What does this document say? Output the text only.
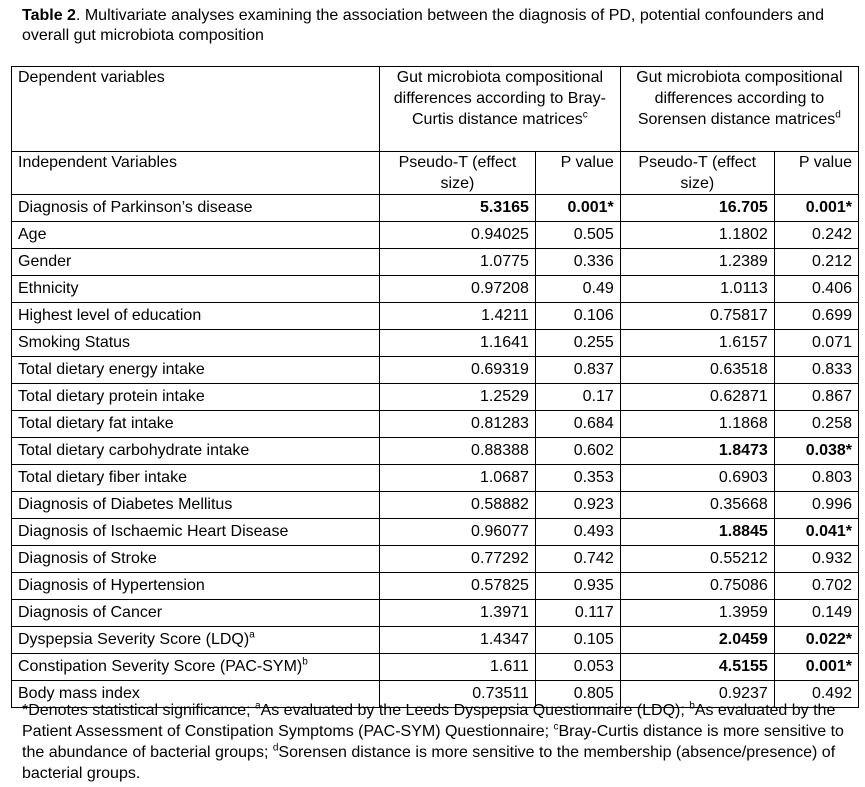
Table 2. Multivariate analyses examining the association between the diagnosis of PD, potential confounders and overall gut microbiota composition
Dependent variables	Gut microbiota compositional differences according to Bray-Curtis distance matrices$^c$		Gut microbiota compositional differences according to Sorensen distance matrices$^d$
Independent Variables	Pseudo-T (effect size)	P value	Pseudo-T (effect size)	P value
Diagnosis of Parkinson’s disease	5.3165	0.001*	16.705	0.001*
Age	0.94025	0.505	1.1802	0.242
Gender	1.0775	0.336	1.2389	0.212
Ethnicity	0.97208	0.49	1.0113	0.406
Highest level of education	1.4211	0.106	0.75817	0.699
Smoking Status	1.1641	0.255	1.6157	0.071
Total dietary energy intake	0.69319	0.837	0.63518	0.833
Total dietary protein intake	1.2529	0.17	0.62871	0.867
Total dietary fat intake	0.81283	0.684	1.1868	0.258
Total dietary carbohydrate intake	0.88388	0.602	1.8473	0.038*
Total dietary fiber intake	1.0687	0.353	0.6903	0.803
Diagnosis of Diabetes Mellitus	0.58882	0.923	0.35668	0.996
Diagnosis of Ischaemic Heart Disease	0.96077	0.493	1.8845	0.041*
Diagnosis of Stroke	0.77292	0.742	0.55212	0.932
Diagnosis of Hypertension	0.57825	0.935	0.75086	0.702
Diagnosis of Cancer	1.3971	0.117	1.3959	0.149
Dyspepsia Severity Score (LDQ)$^a$	1.4347	0.105	2.0459	0.022*
Constipation Severity Score $(PAC-SYM)^b$	1.611	0.053	4.5155	0.001*
Body mass index	0.73511	0.805	0.9237	0.492
*Denotes statistical significance; $^a$As evaluated by the Leeds Dyspepsia Questionnaire (LDQ); $^b$As evaluated by the Patient Assessment of Constipation Symptoms (PAC-SYM) Questionnaire; $^c$Bray-Curtis distance is more sensitive to the abundance of bacterial groups; $^d$Sorensen distance is more sensitive to the membership (absence/presence) of bacterial groups.
